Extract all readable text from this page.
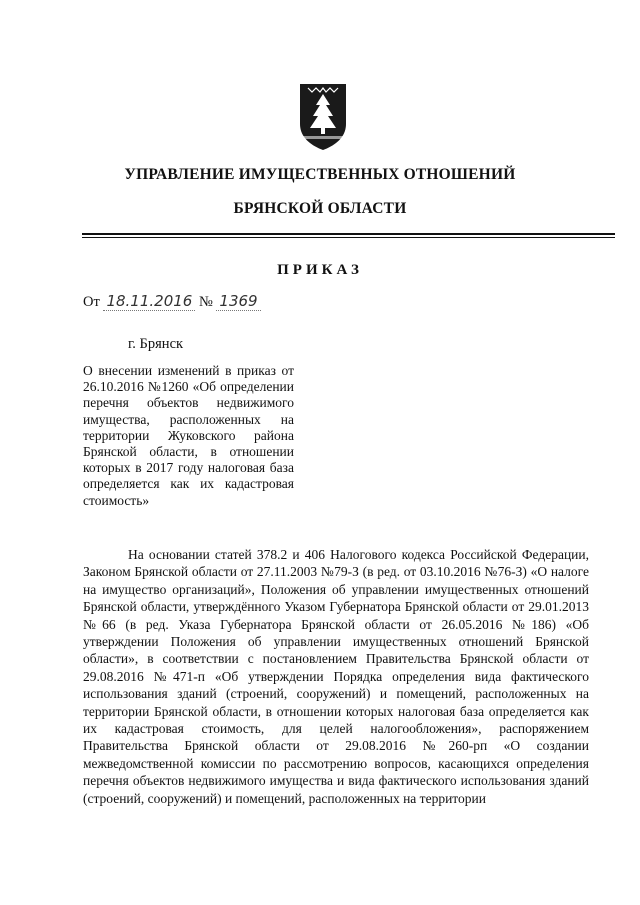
УПРАВЛЕНИЕ ИМУЩЕСТВЕННЫХ ОТНОШЕНИЙ
БРЯНСКОЙ ОБЛАСТИ
ПРИКАЗ
От 18.11.2016 № 1369
г. Брянск
О внесении изменений в приказ от 26.10.2016 №1260 «Об определении перечня объектов недвижимого имущества, расположенных на территории Жуковского района Брянской области, в отношении которых в 2017 году налоговая база определяется как их кадастровая стоимость»
На основании статей 378.2 и 406 Налогового кодекса Российской Федерации, Законом Брянской области от 27.11.2003 №79-З (в ред. от 03.10.2016 №76-З) «О налоге на имущество организаций», Положения об управлении имущественных отношений Брянской области, утверждённого Указом Губернатора Брянской области от 29.01.2013 №66 (в ред. Указа Губернатора Брянской области от 26.05.2016 №186) «Об утверждении Положения об управлении имущественных отношений Брянской области», в соответствии с постановлением Правительства Брянской области от 29.08.2016 №471-п «Об утверждении Порядка определения вида фактического использования зданий (строений, сооружений) и помещений, расположенных на территории Брянской области, в отношении которых налоговая база определяется как их кадастровая стоимость, для целей налогообложения», распоряжением Правительства Брянской области от 29.08.2016 №260-рп «О создании межведомственной комиссии по рассмотрению вопросов, касающихся определения перечня объектов недвижимого имущества и вида фактического использования зданий (строений, сооружений) и помещений, расположенных на территории
